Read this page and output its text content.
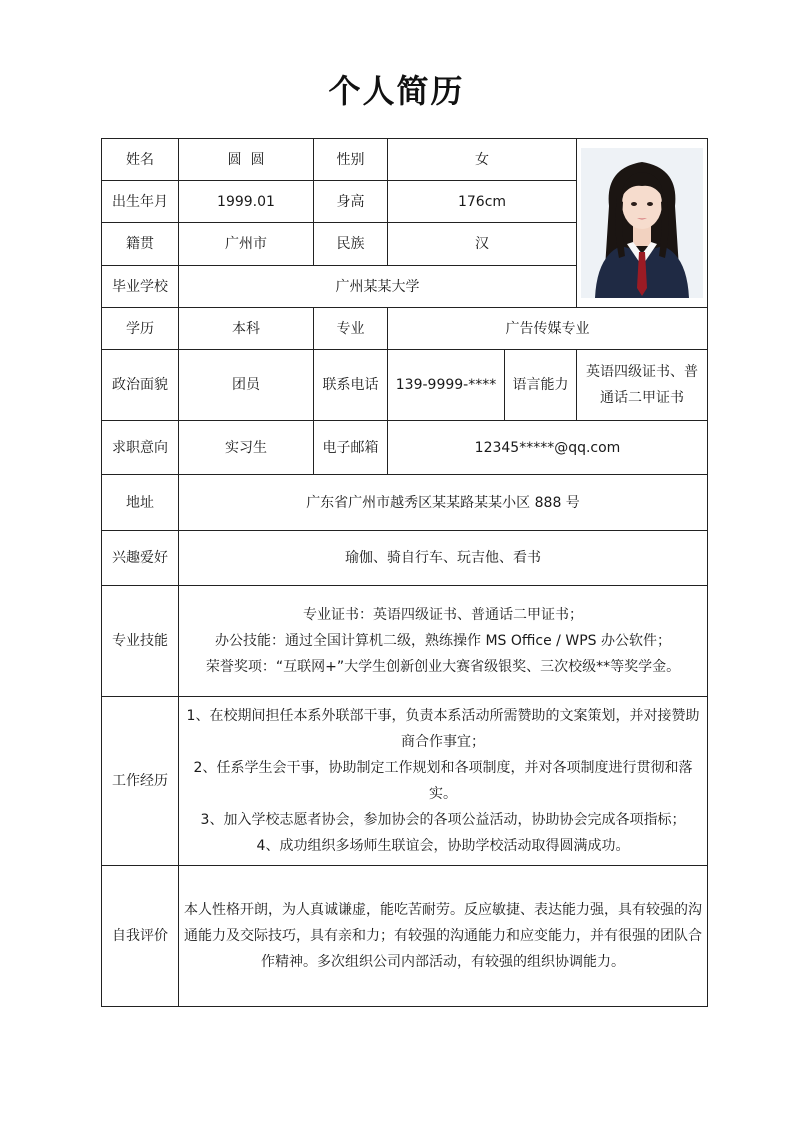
个人简历
姓名	圆  圆	性别	女	

出生年月	1999.01	身高	176cm		
籍贯	广州市	民族	汉		
毕业学校	广州某某大学				
学历	本科	专业	广告传媒专业		
政治面貌	团员	联系电话	139-9999-****	语言能力	英语四级证书、普通话二甲证书
求职意向	实习生	电子邮箱	12345*****@qq.com		
地址	广东省广州市越秀区某某路某某小区 888 号				
兴趣爱好	瑜伽、骑自行车、玩吉他、看书				
专业技能	专业证书：英语四级证书、普通话二甲证书；
办公技能：通过全国计算机二级，熟练操作 MS Office / WPS 办公软件；
荣誉奖项：“互联网+”大学生创新创业大赛省级银奖、三次校级**等奖学金。				

工作经历	1、在校期间担任本系外联部干事，负责本系活动所需赞助的文案策划，并对接赞助商合作事宜；
2、任系学生会干事，协助制定工作规划和各项制度，并对各项制度进行贯彻和落实。
3、加入学校志愿者协会，参加协会的各项公益活动，协助协会完成各项指标；
4、成功组织多场师生联谊会，协助学校活动取得圆满成功。				

自我评价	本人性格开朗，为人真诚谦虚，能吃苦耐劳。反应敏捷、表达能力强，具有较强的沟通能力及交际技巧，具有亲和力；有较强的沟通能力和应变能力，并有很强的团队合作精神。多次组织公司内部活动，有较强的组织协调能力。				
